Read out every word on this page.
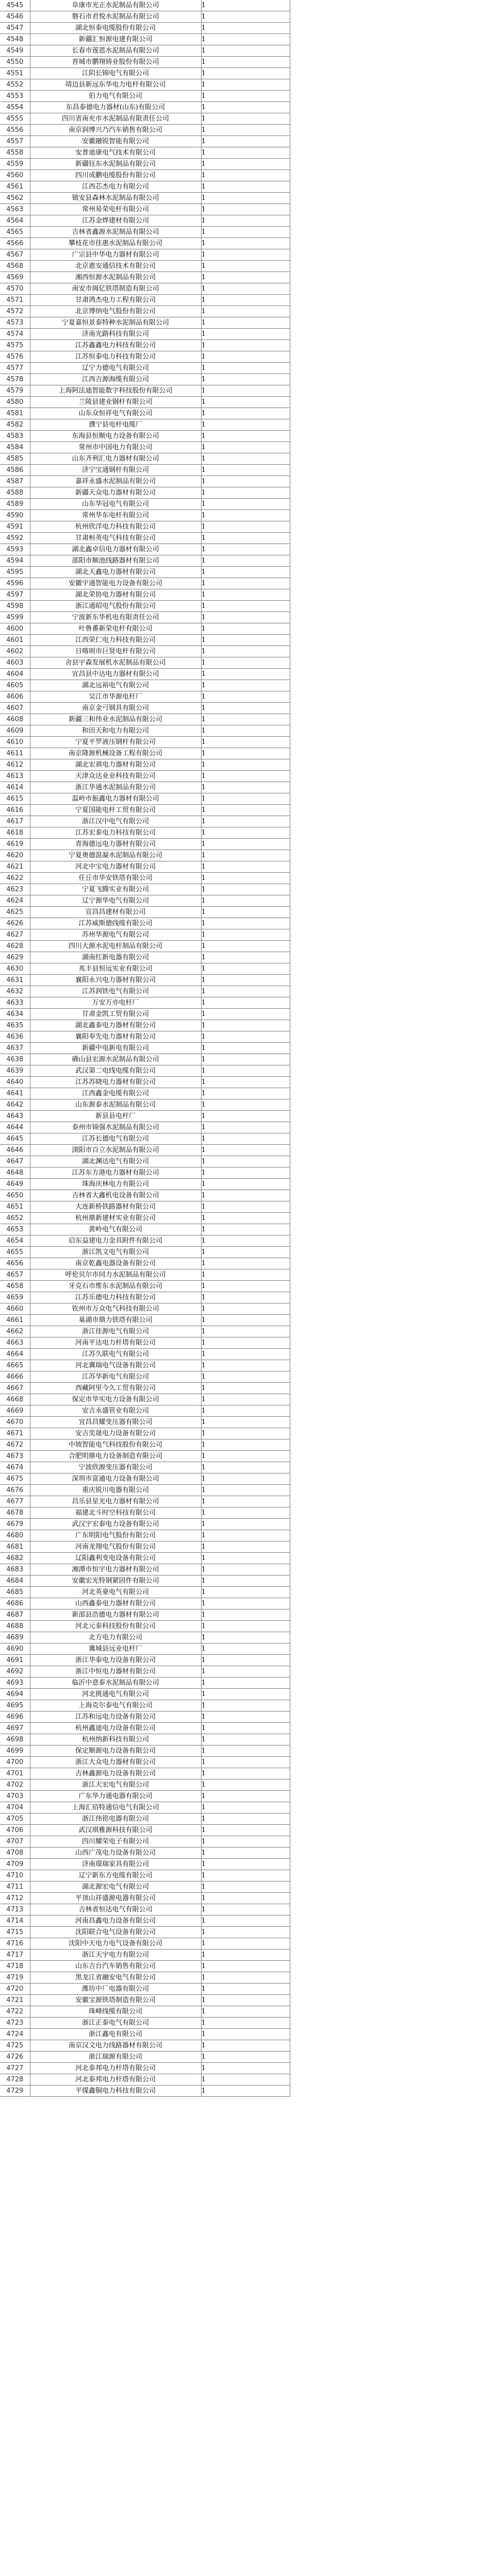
4545	阜康市光正水泥制品有限公司	1
4546	磐石市君悦水泥制品有限公司	1
4547	湖北恒泰电缆股份有限公司	1
4548	新疆汇恒源电建有限公司	1
4549	长春市莲恩水泥制品有限公司	1
4550	晋城市鹏翔铸业股份有限公司	1
4551	江阴长锦电气有限公司	1
4552	靖边县新远东华电力电杆有限公司	1
4553	伯力电气有限公司	1
4554	东昌泰德电力器材(山东)有限公司	1
4555	四川省南充市水泥制品有限责任公司	1
4556	南京润博兴乃汽车销售有限公司	1
4557	安徽融锐智能有限公司	1
4558	安普迪康电气技术有限公司	1
4559	新疆钰东水泥制品有限公司	1
4560	四川成鹏电缆股份有限公司	1
4561	江西芯杰电力有限公司	1
4562	镇安县森林水泥制品有限公司	1
4563	常州易荣电杆有限公司	1
4564	江苏金烨建材有限公司	1
4565	吉林省鑫源水泥制品有限公司	1
4566	攀枝花市佳惠水泥制品有限公司	1
4567	广宗县中华电力器材有限公司	1
4568	北京惠安通信技术有限公司	1
4569	湘西恒源水泥制品有限公司	1
4570	南安市闽亿铁塔制造有限公司	1
4571	甘肃鸿杰电力工程有限公司	1
4572	北京博纳电气股份有限公司	1
4573	宁夏嘉恒景泰特种水泥制品有限公司	1
4574	济南光路科技有限公司	1
4575	江苏鑫鑫电力科技有限公司	1
4576	江苏恒泰电力科技有限公司	1
4577	辽宁力德电气有限公司	1
4578	江西吉源海缆有限公司	1
4579	上海阿法迪智能数字科技股份有限公司	1
4580	兰陵县建业钢杆有限公司	1
4581	山东众恒祥电气有限公司	1
4582	濮宁县电杆电缆厂	1
4583	东海县恒顺电力设备有限公司	1
4584	常州市中国电力有限公司	1
4585	山东齐利汇电力器材有限公司	1
4586	济宁宝通钢杆有限公司	1
4587	嘉祥永盛水泥制品有限公司	1
4588	新疆天众电力器材有限公司	1
4589	山东华冠电气有限公司	1
4590	常州华东电杆有限公司	1
4591	杭州欣洋电力科技有限公司	1
4592	甘肃桓英电气科技有限公司	1
4593	湖北鑫卓信电力器材有限公司	1
4594	邵阳市顺池线路器材有限公司	1
4595	湖北天鑫电力器材有限公司	1
4596	安徽宇通智能电力设备有限公司	1
4597	湖北荣协电力器材有限公司	1
4598	浙江通昭电气股份有限公司	1
4599	宁波新东华机电有限责任公司	1
4600	叶鲁番新荣电杆有限公司	1
4601	江西荣仁电力科技有限公司	1
4602	日喀则市巨贤电杆有限公司	1
4603	舍县宇森发展机水泥制品有限公司	1
4604	宜昌县中达电力器材有限公司	1
4605	湖北远裕电气有限公司	1
4606	吴江市华源电杆厂	1
4607	南京金弓钢具有限公司	1
4608	新疆三和伟业水泥制品有限公司	1
4609	和田天和电力有限公司	1
4610	宁夏平罗液压钢杆有限公司	1
4611	南京隆源机械设备工程有限公司	1
4612	湖北宏祺电力器材有限公司	1
4613	天津众达业业科技有限公司	1
4614	浙江华通水泥制品有限公司	1
4615	温岭市振鑫电力器材有限公司	1
4616	宁夏国能电杆工贸有限公司	1
4617	浙江汉中电气有限公司	1
4618	江苏宏泰电力科技有限公司	1
4619	青海德远电力器材有限公司	1
4620	宁夏奥德混凝水泥制品有限公司	1
4621	河北中宝电力器材有限公司	1
4622	任丘市华安铁塔有限公司	1
4623	宁夏飞腾实业有限公司	1
4624	辽宁源华电气有限公司	1
4625	宣昌昌建材有限公司	1
4626	江苏威斯德线缆有限公司	1
4627	苏州华源电气有限公司	1
4628	四川大源水泥电杆制品有限公司	1
4629	湖南红新电器有限公司	1
4630	兆丰县恒远实业有限公司	1
4631	襄阳永兴电力器材有限公司	1
4632	江苏润铁电气有限公司	1
4633	万安万亦电杆厂	1
4634	甘肃金凯工贸有限公司	1
4635	湖北鑫泰电力器材有限公司	1
4636	襄阳奉先电力器材有限公司	1
4637	新疆中电新电有限公司	1
4638	确山县宏源水泥制品有限公司	1
4639	武汉第二电线电缆有限公司	1
4640	江苏苏晓电力器材有限公司	1
4641	江西鑫金电缆有限公司	1
4642	山东源泰水泥制品有限公司	1
4643	新县县电杆厂	1
4644	泰州市锦强水泥制品有限公司	1
4645	江苏长德电气有限公司	1
4646	浏阳市百立水泥制品有限公司	1
4647	湖北渊达电气有限公司	1
4648	江苏东方港电力器材有限公司	1
4649	珠海庆林电力有限公司	1
4650	吉林省大鑫机电设备有限公司	1
4651	大连新桥铁路器材有限公司	1
4652	杭州鼎新建材实业有限公司	1
4653	黄岭电气有限公司	1
4654	启东益建电力金具附件有限公司	1
4655	浙江凯文电气有限公司	1
4656	南京乾鑫电器设备有限公司	1
4657	呼伦贝尔市同力水泥制品有限公司	1
4658	牙克石市维东水泥制品有限公司	1
4659	江苏乐德电力科技有限公司	1
4660	钦州市万众电气科技有限公司	1
4661	巢湖市鼎力铁塔有限公司	1
4662	浙江佳源电气有限公司	1
4663	河南平达电力杆塔有限公司	1
4664	江苏久联电气有限公司	1
4665	河北冀瑞电气设备有限公司	1
4666	江苏华新电气有限公司	1
4667	西藏阿里今久工贸有限公司	1
4668	保定市华实电力设备有限公司	1
4669	安吉永盛管业有限公司	1
4670	宜昌昌耀变压器有限公司	1
4671	安吉奕晟电力设备有限公司	1
4672	中坡智能电气科技股份有限公司	1
4673	合肥明鼎电力设备制造有限公司	1
4674	宁波欣源变压器有限公司	1
4675	深圳市富通电力设备有限公司	1
4676	重庆锐川电器有限公司	1
4677	昌乐县星光电力器材有限公司	1
4678	福建北斗时空科技有限公司	1
4679	武汉宇宏泰电力设备有限公司	1
4680	广东明阳电气股份有限公司	1
4681	河南龙翔电气股份有限公司	1
4682	辽阳鑫利变电设备有限公司	1
4683	湘潭市恒宇电力器材有限公司	1
4684	安徽宏光特钢紧固件有限公司	1
4685	河北英豪电气有限公司	1
4686	山西鑫泰电力器材有限公司	1
4687	新邵县浩德电力器材有限公司	1
4688	河北元泰科技股份有限公司	1
4689	北方电力有限公司	1
4690	冀城县远业电杆厂	1
4691	浙江华泰电力设备有限公司	1
4692	浙江中恒电力器材有限公司	1
4693	临沂中意泰水泥制品有限公司	1
4694	河北挑通电气有限公司	1
4695	上海克尔泰电气有限公司	1
4696	江苏和远电力设备有限公司	1
4697	杭州鑫迪电力设备有限公司	1
4698	杭州纳新科技有限公司	1
4699	保定顺源电力设备有限公司	1
4700	浙江大众电力器材有限公司	1
4701	吉林鑫源电力设备有限公司	1
4702	浙江天宏电气有限公司	1
4703	广东华力通电器有限公司	1
4704	上海汇佰特通信电气有限公司	1
4705	浙江伟铭电器有限公司	1
4706	武汉琪雅源科技有限公司	1
4707	四川耀荣电子有限公司	1
4708	山西广茂电力设备有限公司	1
4709	济南璟瑞家具有限公司	1
4710	辽宁新东方电缆有限公司	1
4711	湖北源宏电气有限公司	1
4712	平顶山祥盛源电器有限公司	1
4713	吉林省恒达电气有限公司	1
4714	河南昌鑫电力设备有限公司	1
4715	沈阳联合电气设备有限公司	1
4716	沈阳中天电力电气设备有限公司	1
4717	浙江天宇电力有限公司	1
4718	山东吉台汽车销售有限公司	1
4719	黑龙江省融安电气有限公司	1
4720	潍坊中厂电器有限公司	1
4721	安徽宝源铁塔制造有限公司	1
4722	珠峰线缆有限公司	1
4723	浙江正泰电气有限公司	1
4724	浙江鑫电有限公司	1
4725	南京汉文电力线路器材有限公司	1
4726	浙江瑞源有限公司	1
4727	河北泰邦电力杆塔有限公司	1
4728	河北泰邦电力杆塔有限公司	1
4729	平煤鑫铜电力科技有限公司	1
